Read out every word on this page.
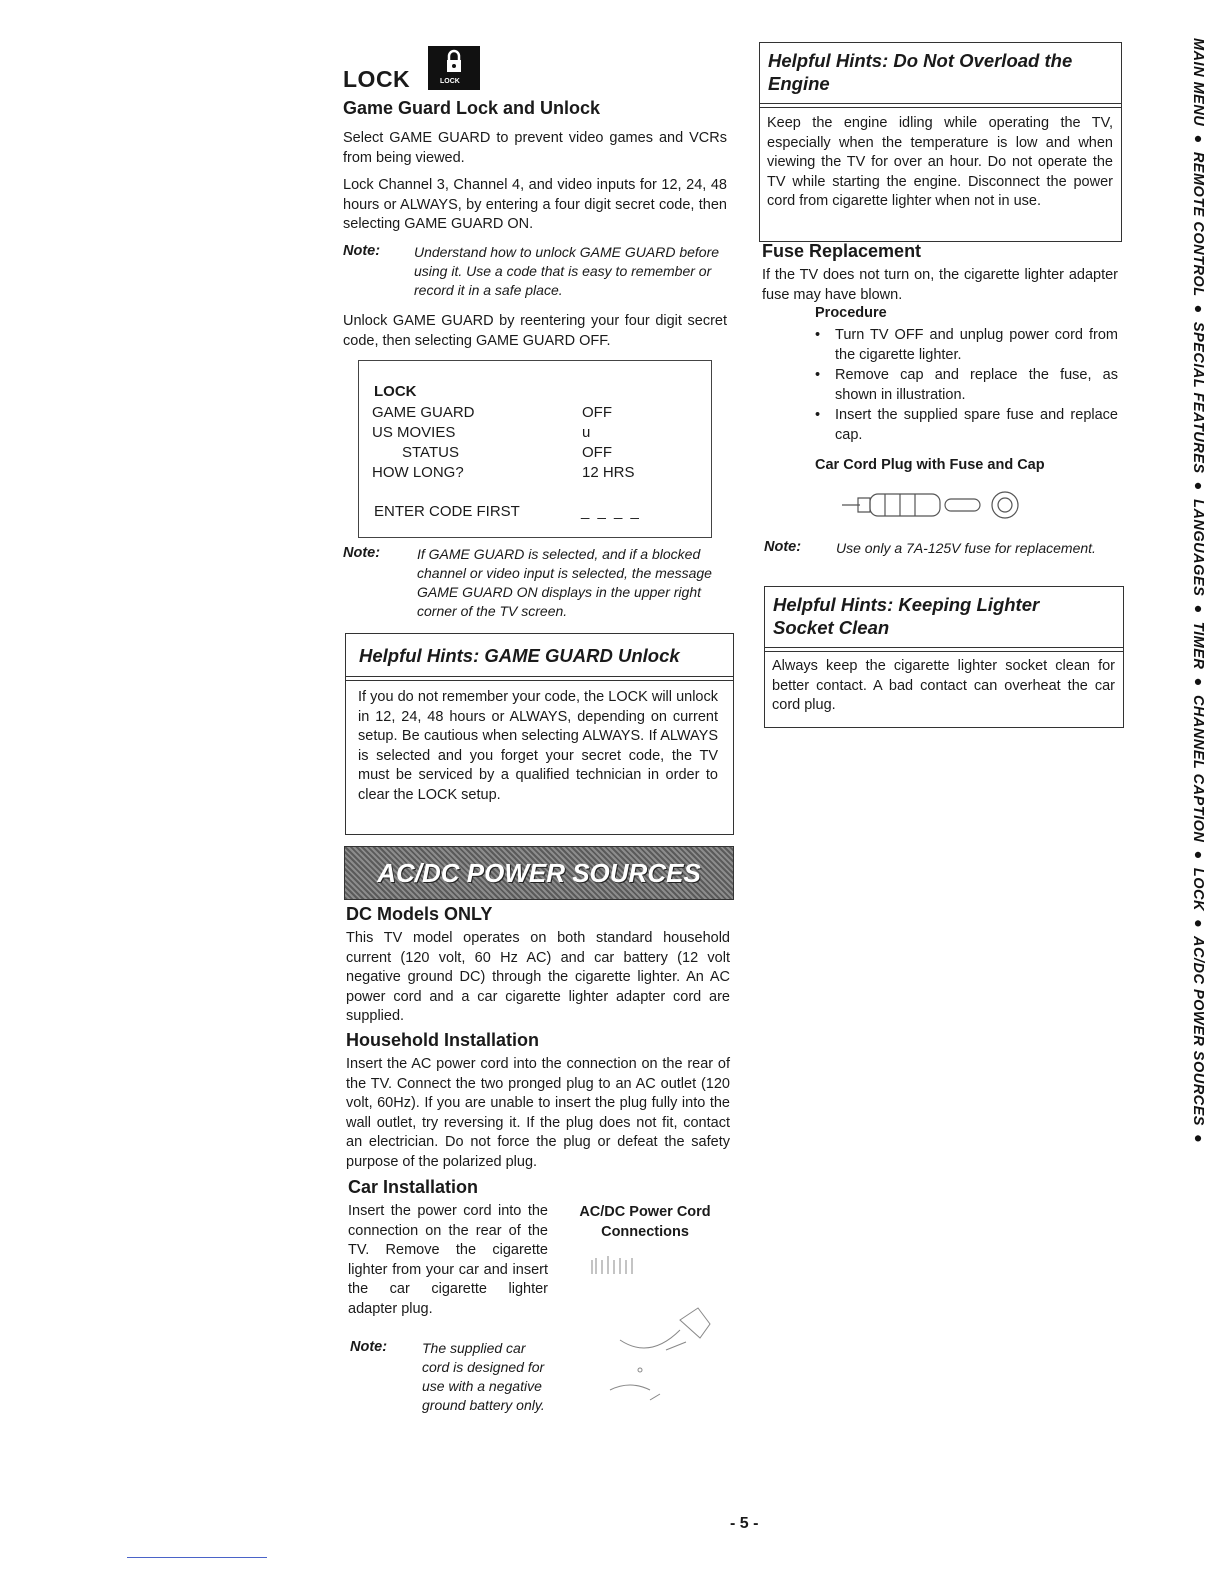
LOCK	LOCK
Game Guard Lock and Unlock

Select GAME GUARD to prevent video games and VCRs from being viewed.

Lock Channel 3, Channel 4, and video inputs for 12, 24, 48 hours or ALWAYS, by entering a four digit secret code, then selecting GAME GUARD ON.

Note: Understand how to unlock GAME GUARD before using it. Use a code that is easy to remember or record it in a safe place.

Unlock GAME GUARD by reentering your four digit secret code, then selecting GAME GUARD OFF.

LOCK
GAME GUARD	OFF
US MOVIES	u
STATUS	OFF
HOW LONG?	12 HRS
ENTER CODE FIRST	_ _ _ _
Note:	If GAME GUARD is selected, and if a blocked channel or video input is selected, the message GAME GUARD ON displays in the upper right corner of the TV screen.

Helpful Hints: GAME GUARD Unlock

If you do not remember your code, the LOCK will unlock in 12, 24, 48 hours or ALWAYS, depending on current setup. Be cautious when selecting ALWAYS. If ALWAYS is selected and you forget your secret code, the TV must be serviced by a qualified technician in order to clear the LOCK setup.

AC/DC POWER SOURCES
DC Models ONLY

This TV model operates on both standard household current (120 volt, 60 Hz AC) and car battery (12 volt negative ground DC) through the cigarette lighter. An AC power cord and a car cigarette lighter adapter cord are supplied.

Household Installation

Insert the AC power cord into the connection on the rear of the TV. Connect the two pronged plug to an AC outlet (120 volt, 60Hz). If you are unable to insert the plug fully into the wall outlet, try reversing it. If the plug does not fit, contact an electrician. Do not force the plug or defeat the safety purpose of the polarized plug.

Car Installation

Insert the power cord into the connection on the rear of the TV. Remove the cigarette lighter from your car and insert the car cigarette lighter adapter plug.

Note: The supplied car cord is designed for use with a negative ground battery only.

AC/DC Power Cord Connections
Helpful Hints: Do Not Overload the Engine

Keep the engine idling while operating the TV, especially when the temperature is low and when viewing the TV for over an hour. Do not operate the TV while starting the engine. Disconnect the power cord from cigarette lighter when not in use.

Fuse Replacement

If the TV does not turn on, the cigarette lighter adapter fuse may have blown.

Procedure
• Turn TV OFF and unplug power cord from the cigarette lighter.
• Remove cap and replace the fuse, as shown in illustration.
• Insert the supplied spare fuse and replace cap.
Car Cord Plug with Fuse and Cap
Note: Use only a 7A-125V fuse for replacement.

Helpful Hints: Keeping Lighter Socket Clean

Always keep the cigarette lighter socket clean for better contact. A bad contact can overheat the car cord plug.	MAIN MENU ● REMOTE CONTROL ● SPECIAL FEATURES ● LANGUAGES ● TIMER ● CHANNEL CAPTION ● LOCK ● AC/DC POWER SOURCES ●
- 5 -
